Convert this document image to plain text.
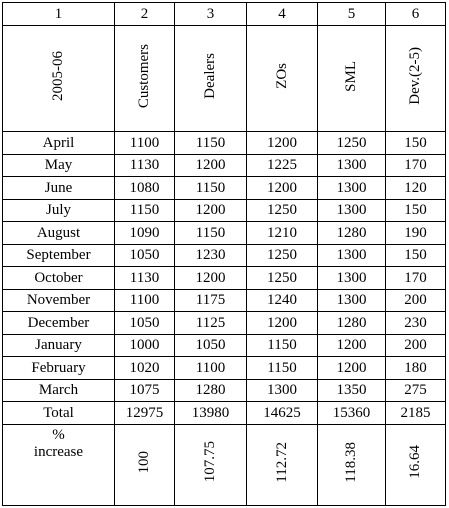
1	2	3	4	5	6
2005-06	Customers	Dealers	ZOs	SML	Dev.(2-5)
April	1100	1150	1200	1250	150
May	1130	1200	1225	1300	170
June	1080	1150	1200	1300	120
July	1150	1200	1250	1300	150
August	1090	1150	1210	1280	190
September	1050	1230	1250	1300	150
October	1130	1200	1250	1300	170
November	1100	1175	1240	1300	200
December	1050	1125	1200	1280	230
January	1000	1050	1150	1200	200
February	1020	1100	1150	1200	180
March	1075	1280	1300	1350	275
Total	12975	13980	14625	15360	2185

%
increase	100	107.75	112.72	118.38	16.64
